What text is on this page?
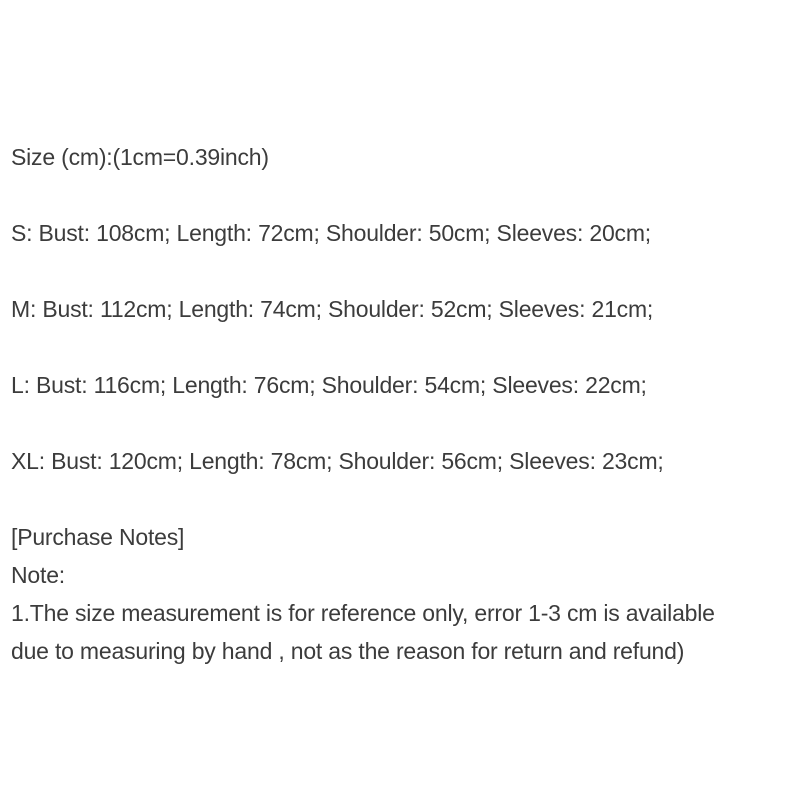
Size (cm):(1cm=0.39inch)
S: Bust: 108cm; Length: 72cm; Shoulder: 50cm; Sleeves: 20cm;
M: Bust: 112cm; Length: 74cm; Shoulder: 52cm; Sleeves: 21cm;
L: Bust: 116cm; Length: 76cm; Shoulder: 54cm; Sleeves: 22cm;
XL: Bust: 120cm; Length: 78cm; Shoulder: 56cm; Sleeves: 23cm;
[Purchase Notes]
Note:
1.The size measurement is for reference only, error 1-3 cm is available
due to measuring by hand , not as the reason for return and refund)
